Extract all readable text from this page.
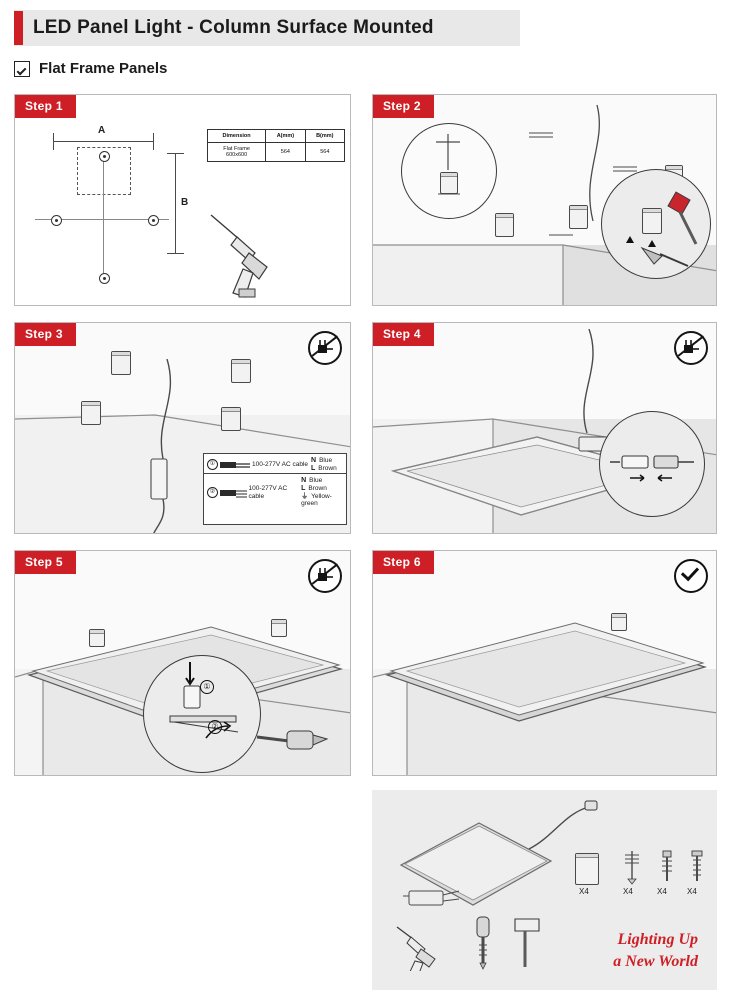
LED Panel Light - Column Surface Mounted
Flat Frame Panels
Step 1
A
B
Dimension	A(mm)	B(mm)
Flat Frame
600x600	564	564
Step 2
Step 3
①	100-277V AC cable
N Blue
L Brown
②
100-277V AC cable
N Blue
L Brown
⏚ Yellow-green
Step 4
Step 5
①
②
Step 6
X4	X4	X4	X4
Lighting Up
a New World
